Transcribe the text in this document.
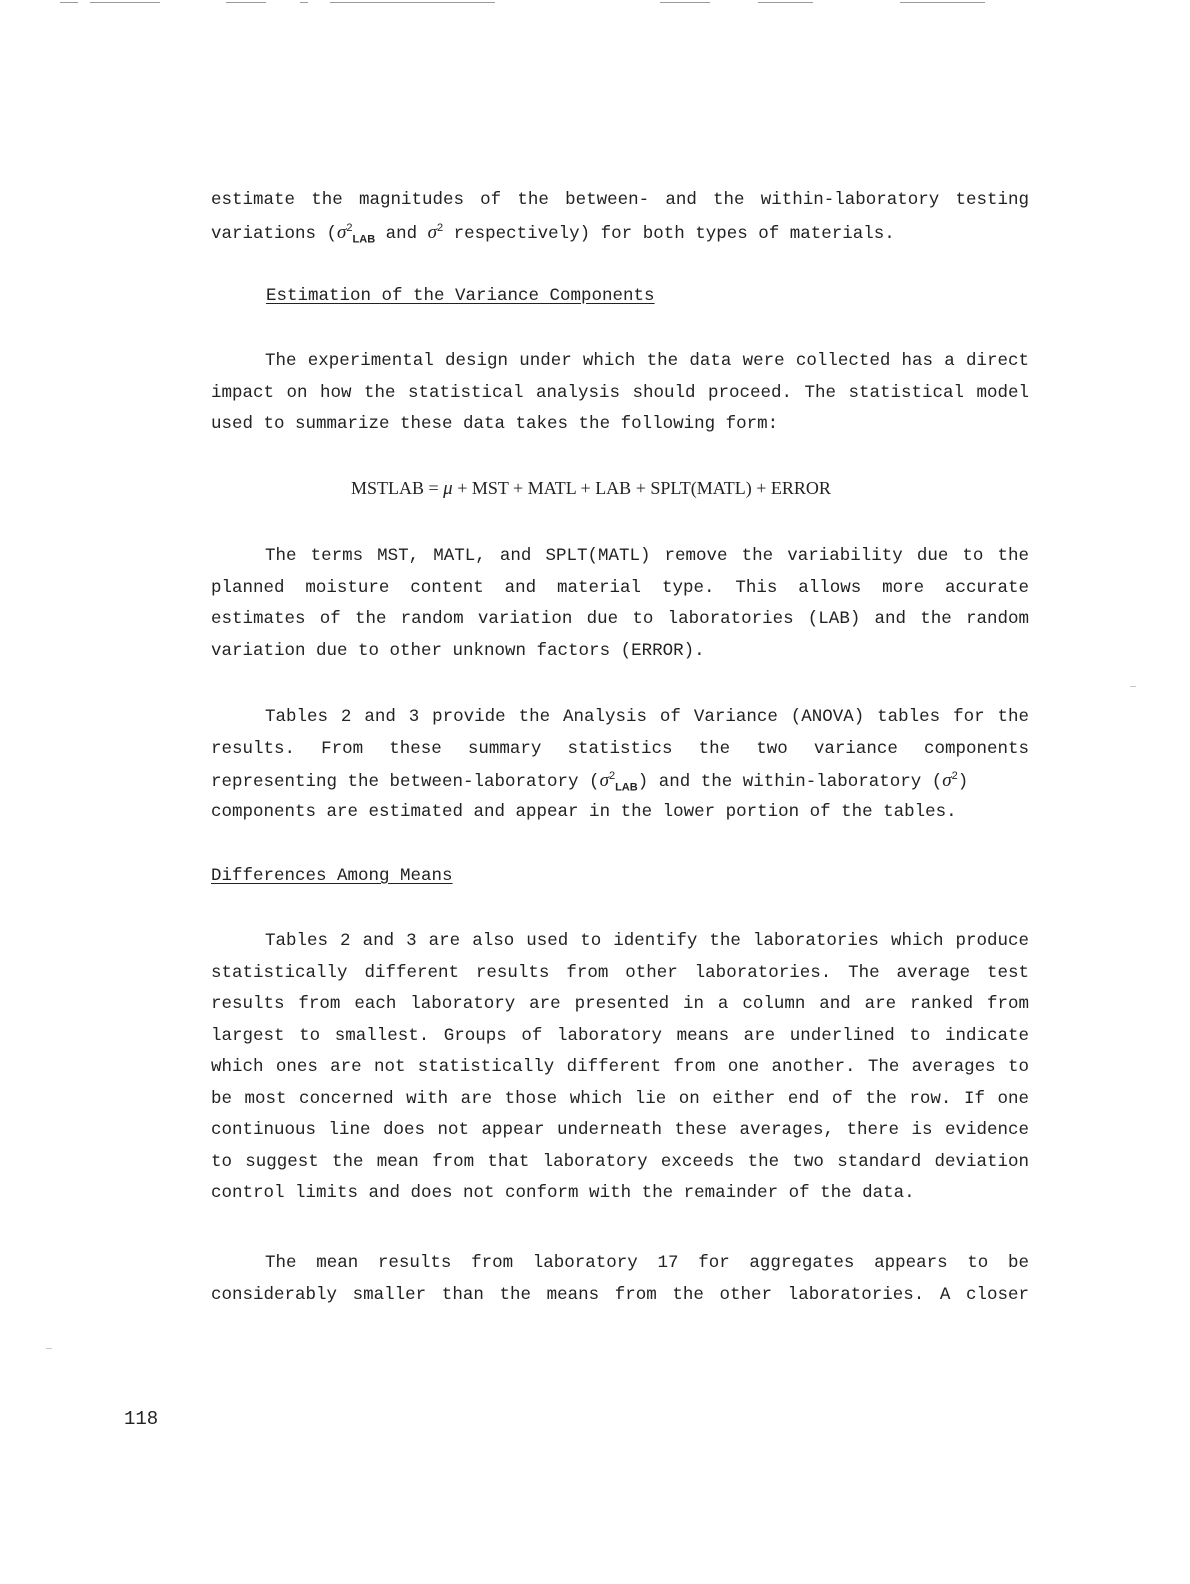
estimate the magnitudes of the between- and the within-laboratory testing
variations ($\sigma^2_{LAB}$ and $\sigma^2$ respectively) for both types of materials.
Estimation of the Variance Components
The experimental design under which the data were collected has a direct
impact on how the statistical analysis should proceed. The statistical model
used to summarize these data takes the following form:
MSTLAB = μ + MST + MATL + LAB + SPLT(MATL) + ERROR
The terms MST, MATL, and SPLT(MATL) remove the variability due to the
planned moisture content and material type. This allows more accurate
estimates of the random variation due to laboratories (LAB) and the random
variation due to other unknown factors (ERROR).
Tables 2 and 3 provide the Analysis of Variance (ANOVA) tables for the
results. From these summary statistics the two variance components
representing the between-laboratory $(\sigma^2_{LAB})$ and the within-laboratory $(\sigma^2)$
components are estimated and appear in the lower portion of the tables.
Differences Among Means
Tables 2 and 3 are also used to identify the laboratories which produce
statistically different results from other laboratories. The average test
results from each laboratory are presented in a column and are ranked from
largest to smallest. Groups of laboratory means are underlined to indicate
which ones are not statistically different from one another. The averages to
be most concerned with are those which lie on either end of the row. If one
continuous line does not appear underneath these averages, there is evidence
to suggest the mean from that laboratory exceeds the two standard deviation
control limits and does not conform with the remainder of the data.
The mean results from laboratory 17 for aggregates appears to be
considerably smaller than the means from the other laboratories. A closer
118
